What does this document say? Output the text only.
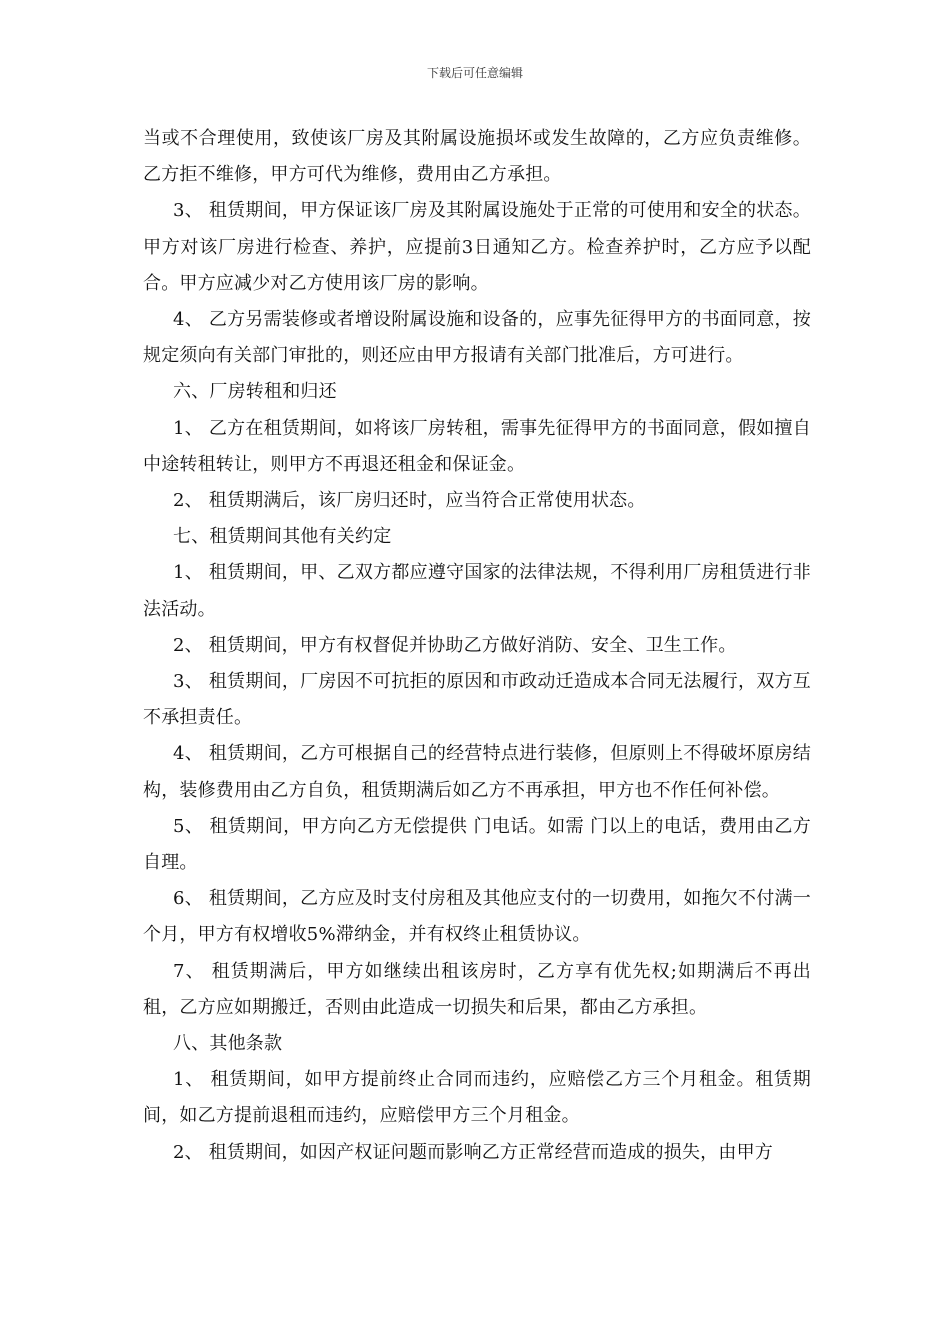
下载后可任意编辑

当或不合理使用，致使该厂房及其附属设施损坏或发生故障的，乙方应负责维修。乙方拒不维修，甲方可代为维修，费用由乙方承担。

3、 租赁期间，甲方保证该厂房及其附属设施处于正常的可使用和安全的状态。甲方对该厂房进行检查、养护，应提前3日通知乙方。检查养护时，乙方应予以配合。甲方应减少对乙方使用该厂房的影响。

4、 乙方另需装修或者增设附属设施和设备的，应事先征得甲方的书面同意，按规定须向有关部门审批的，则还应由甲方报请有关部门批准后，方可进行。

六、厂房转租和归还

1、 乙方在租赁期间，如将该厂房转租，需事先征得甲方的书面同意，假如擅自中途转租转让，则甲方不再退还租金和保证金。

2、 租赁期满后，该厂房归还时，应当符合正常使用状态。

七、租赁期间其他有关约定

1、 租赁期间，甲、乙双方都应遵守国家的法律法规，不得利用厂房租赁进行非法活动。

2、 租赁期间，甲方有权督促并协助乙方做好消防、安全、卫生工作。

3、 租赁期间，厂房因不可抗拒的原因和市政动迁造成本合同无法履行，双方互不承担责任。

4、 租赁期间，乙方可根据自己的经营特点进行装修，但原则上不得破坏原房结构，装修费用由乙方自负，租赁期满后如乙方不再承担，甲方也不作任何补偿。

5、 租赁期间，甲方向乙方无偿提供 门电话。如需 门以上的电话，费用由乙方自理。

6、 租赁期间，乙方应及时支付房租及其他应支付的一切费用，如拖欠不付满一个月，甲方有权增收5%滞纳金，并有权终止租赁协议。

7、 租赁期满后，甲方如继续出租该房时，乙方享有优先权;如期满后不再出租，乙方应如期搬迁，否则由此造成一切损失和后果，都由乙方承担。

八、其他条款

1、 租赁期间，如甲方提前终止合同而违约，应赔偿乙方三个月租金。租赁期间，如乙方提前退租而违约，应赔偿甲方三个月租金。

2、 租赁期间，如因产权证问题而影响乙方正常经营而造成的损失，由甲方
